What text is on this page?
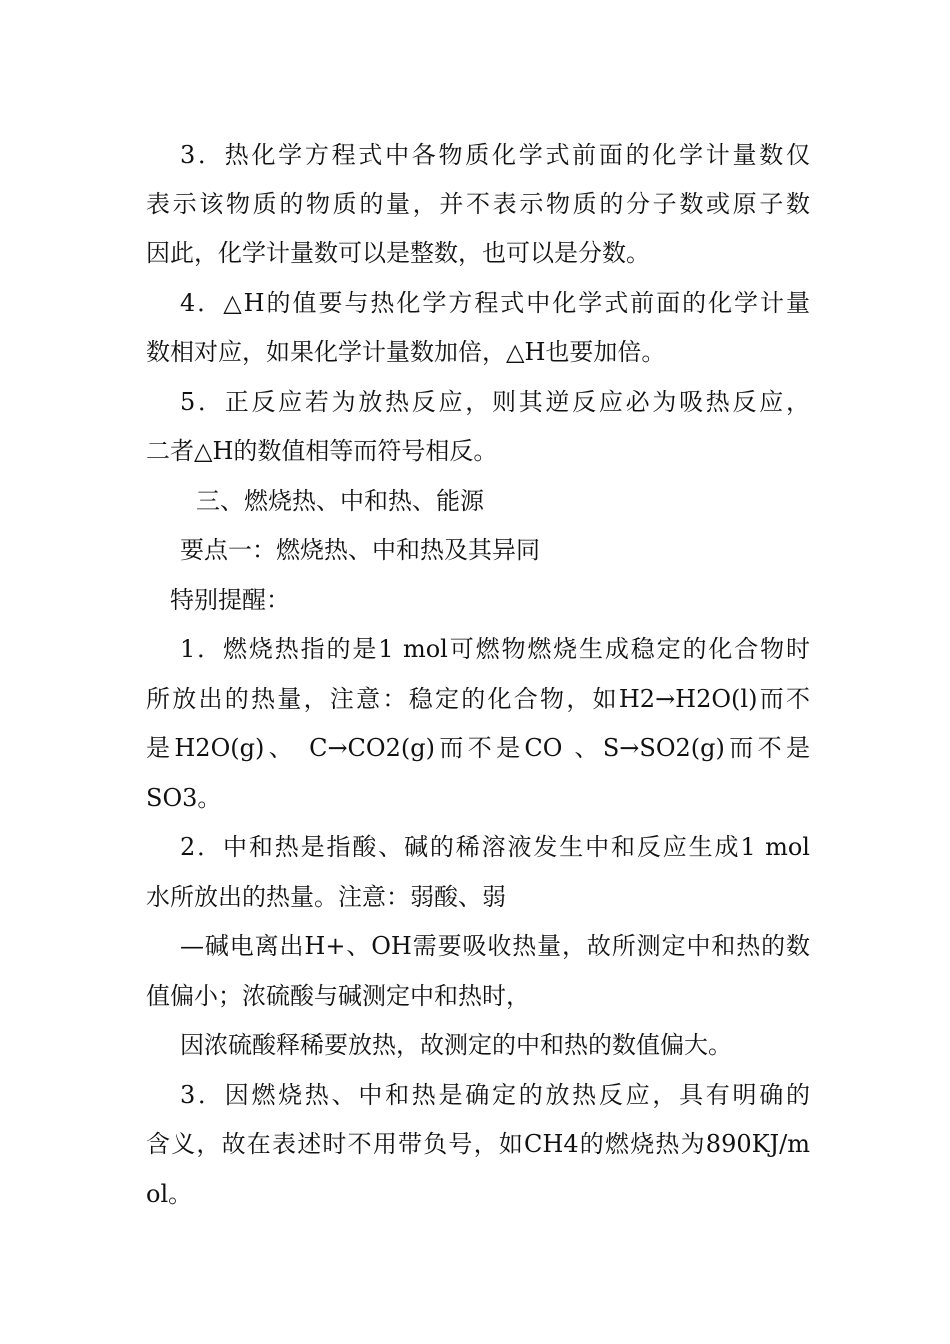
3．热化学方程式中各物质化学式前面的化学计量数仅
表示该物质的物质的量，并不表示物质的分子数或原子数
因此，化学计量数可以是整数，也可以是分数。
4．△H的值要与热化学方程式中化学式前面的化学计量
数相对应，如果化学计量数加倍，△H也要加倍。
5．正反应若为放热反应，则其逆反应必为吸热反应，
二者△H的数值相等而符号相反。
三、燃烧热、中和热、能源
要点一：燃烧热、中和热及其异同
特别提醒：
1．燃烧热指的是1 mol可燃物燃烧生成稳定的化合物时
所放出的热量，注意：稳定的化合物，如H2→H2O(l)而不
是H2O(g)、 C→CO2(g)而不是CO 、S→SO2(g)而不是
SO3。
2．中和热是指酸、碱的稀溶液发生中和反应生成1 mol
水所放出的热量。注意：弱酸、弱
—碱电离出H+、OH需要吸收热量，故所测定中和热的数
值偏小；浓硫酸与碱测定中和热时，
因浓硫酸释稀要放热，故测定的中和热的数值偏大。
3．因燃烧热、中和热是确定的放热反应，具有明确的
含义，故在表述时不用带负号，如CH4的燃烧热为890KJ/m
ol。
